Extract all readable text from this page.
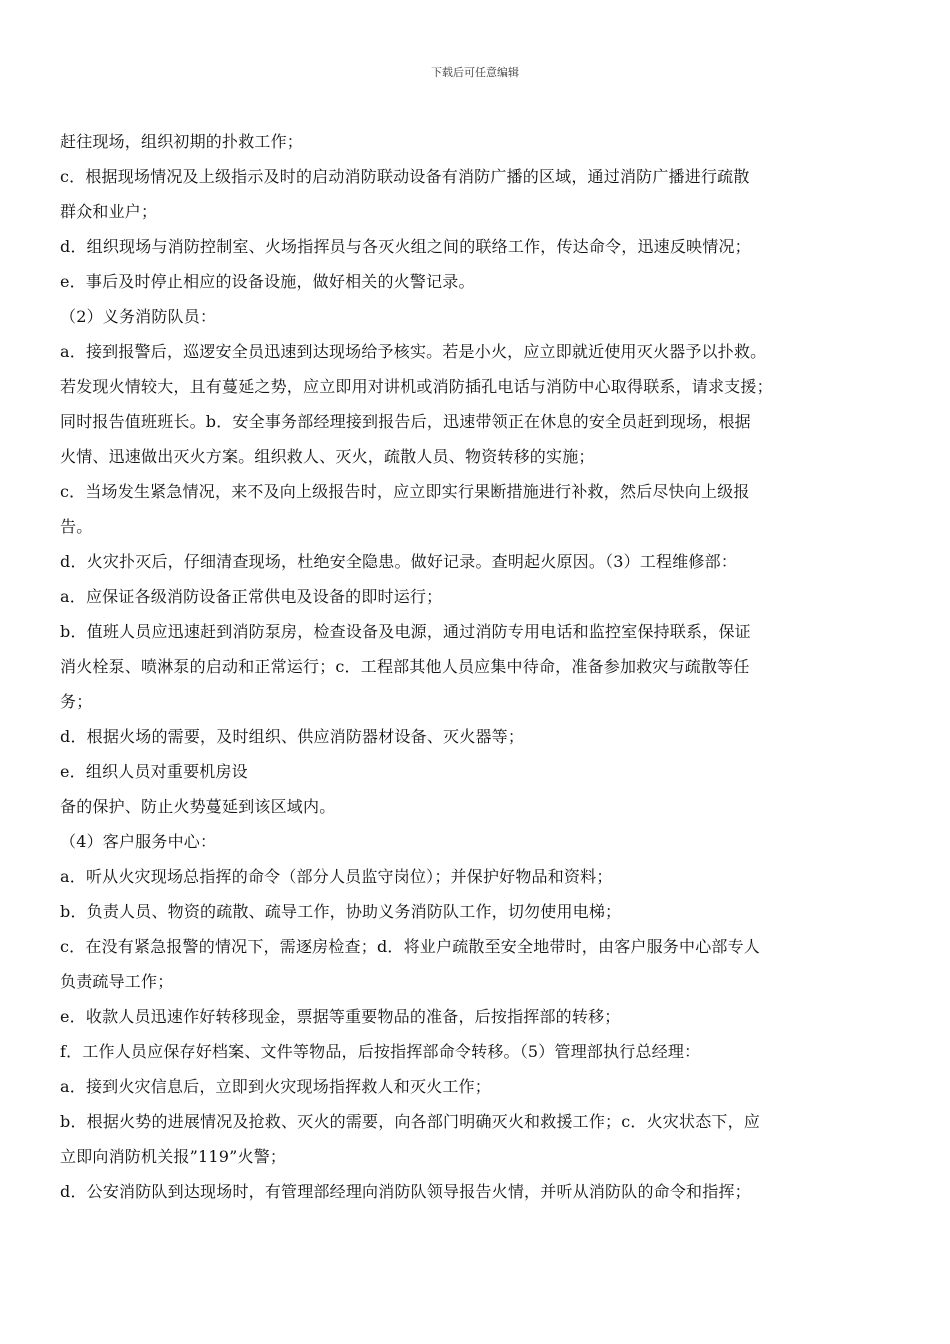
下载后可任意编辑
赶往现场，组织初期的扑救工作；
c．根据现场情况及上级指示及时的启动消防联动设备有消防广播的区域，通过消防广播进行疏散
群众和业户；
d．组织现场与消防控制室、火场指挥员与各灭火组之间的联络工作，传达命令，迅速反映情况；
e．事后及时停止相应的设备设施，做好相关的火警记录。
（2）义务消防队员：
a．接到报警后，巡逻安全员迅速到达现场给予核实。若是小火，应立即就近使用灭火器予以扑救。
若发现火情较大，且有蔓延之势，应立即用对讲机或消防插孔电话与消防中心取得联系，请求支援；
同时报告值班班长。b．安全事务部经理接到报告后，迅速带领正在休息的安全员赶到现场，根据
火情、迅速做出灭火方案。组织救人、灭火，疏散人员、物资转移的实施；
c．当场发生紧急情况，来不及向上级报告时，应立即实行果断措施进行补救，然后尽快向上级报
告。
d．火灾扑灭后，仔细清查现场，杜绝安全隐患。做好记录。查明起火原因。（3）工程维修部：
a．应保证各级消防设备正常供电及设备的即时运行；
b．值班人员应迅速赶到消防泵房，检查设备及电源，通过消防专用电话和监控室保持联系，保证
消火栓泵、喷淋泵的启动和正常运行；c．工程部其他人员应集中待命，准备参加救灾与疏散等任
务；
d．根据火场的需要，及时组织、供应消防器材设备、灭火器等；
e．组织人员对重要机房设
备的保护、防止火势蔓延到该区域内。
（4）客户服务中心：
a．听从火灾现场总指挥的命令（部分人员监守岗位）；并保护好物品和资料；
b．负责人员、物资的疏散、疏导工作，协助义务消防队工作，切勿使用电梯；
c．在没有紧急报警的情况下，需逐房检查；d．将业户疏散至安全地带时，由客户服务中心部专人
负责疏导工作；
e．收款人员迅速作好转移现金，票据等重要物品的准备，后按指挥部的转移；
f．工作人员应保存好档案、文件等物品，后按指挥部命令转移。（5）管理部执行总经理：
a．接到火灾信息后，立即到火灾现场指挥救人和灭火工作；
b．根据火势的进展情况及抢救、灭火的需要，向各部门明确灭火和救援工作；c．火灾状态下，应
立即向消防机关报”119”火警；
d．公安消防队到达现场时，有管理部经理向消防队领导报告火情，并听从消防队的命令和指挥；
